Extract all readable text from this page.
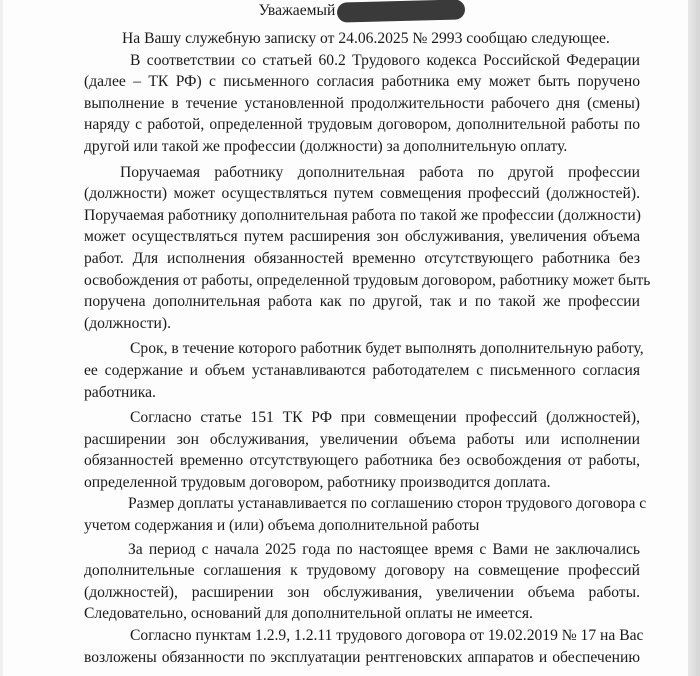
Уважаемый
На Вашу служебную записку от 24.06.2025 № 2993 сообщаю следующее.
В соответствии со статьей 60.2 Трудового кодекса Российской Федерации
(далее – ТК РФ) с письменного согласия работника ему может быть поручено
выполнение в течение установленной продолжительности рабочего дня (смены)
наряду с работой, определенной трудовым договором, дополнительной работы по
другой или такой же профессии (должности) за дополнительную оплату.
Поручаемая работнику дополнительная работа по другой профессии
(должности) может осуществляться путем совмещения профессий (должностей).
Поручаемая работнику дополнительная работа по такой же профессии (должности)
может осуществляться путем расширения зон обслуживания, увеличения объема
работ. Для исполнения обязанностей временно отсутствующего работника без
освобождения от работы, определенной трудовым договором, работнику может быть
поручена дополнительная работа как по другой, так и по такой же профессии
(должности).
Срок, в течение которого работник будет выполнять дополнительную работу,
ее содержание и объем устанавливаются работодателем с письменного согласия
работника.
Согласно статье 151 ТК РФ при совмещении профессий (должностей),
расширении зон обслуживания, увеличении объема работы или исполнении
обязанностей временно отсутствующего работника без освобождения от работы,
определенной трудовым договором, работнику производится доплата.
Размер доплаты устанавливается по соглашению сторон трудового договора с
учетом содержания и (или) объема дополнительной работы
За период с начала 2025 года по настоящее время с Вами не заключались
дополнительные соглашения к трудовому договору на совмещение профессий
(должностей), расширении зон обслуживания, увеличении объема работы.
Следовательно, оснований для дополнительной оплаты не имеется.
Согласно пунктам 1.2.9, 1.2.11 трудового договора от 19.02.2019 № 17 на Вас
возложены обязанности по эксплуатации рентгеновских аппаратов и обеспечению
